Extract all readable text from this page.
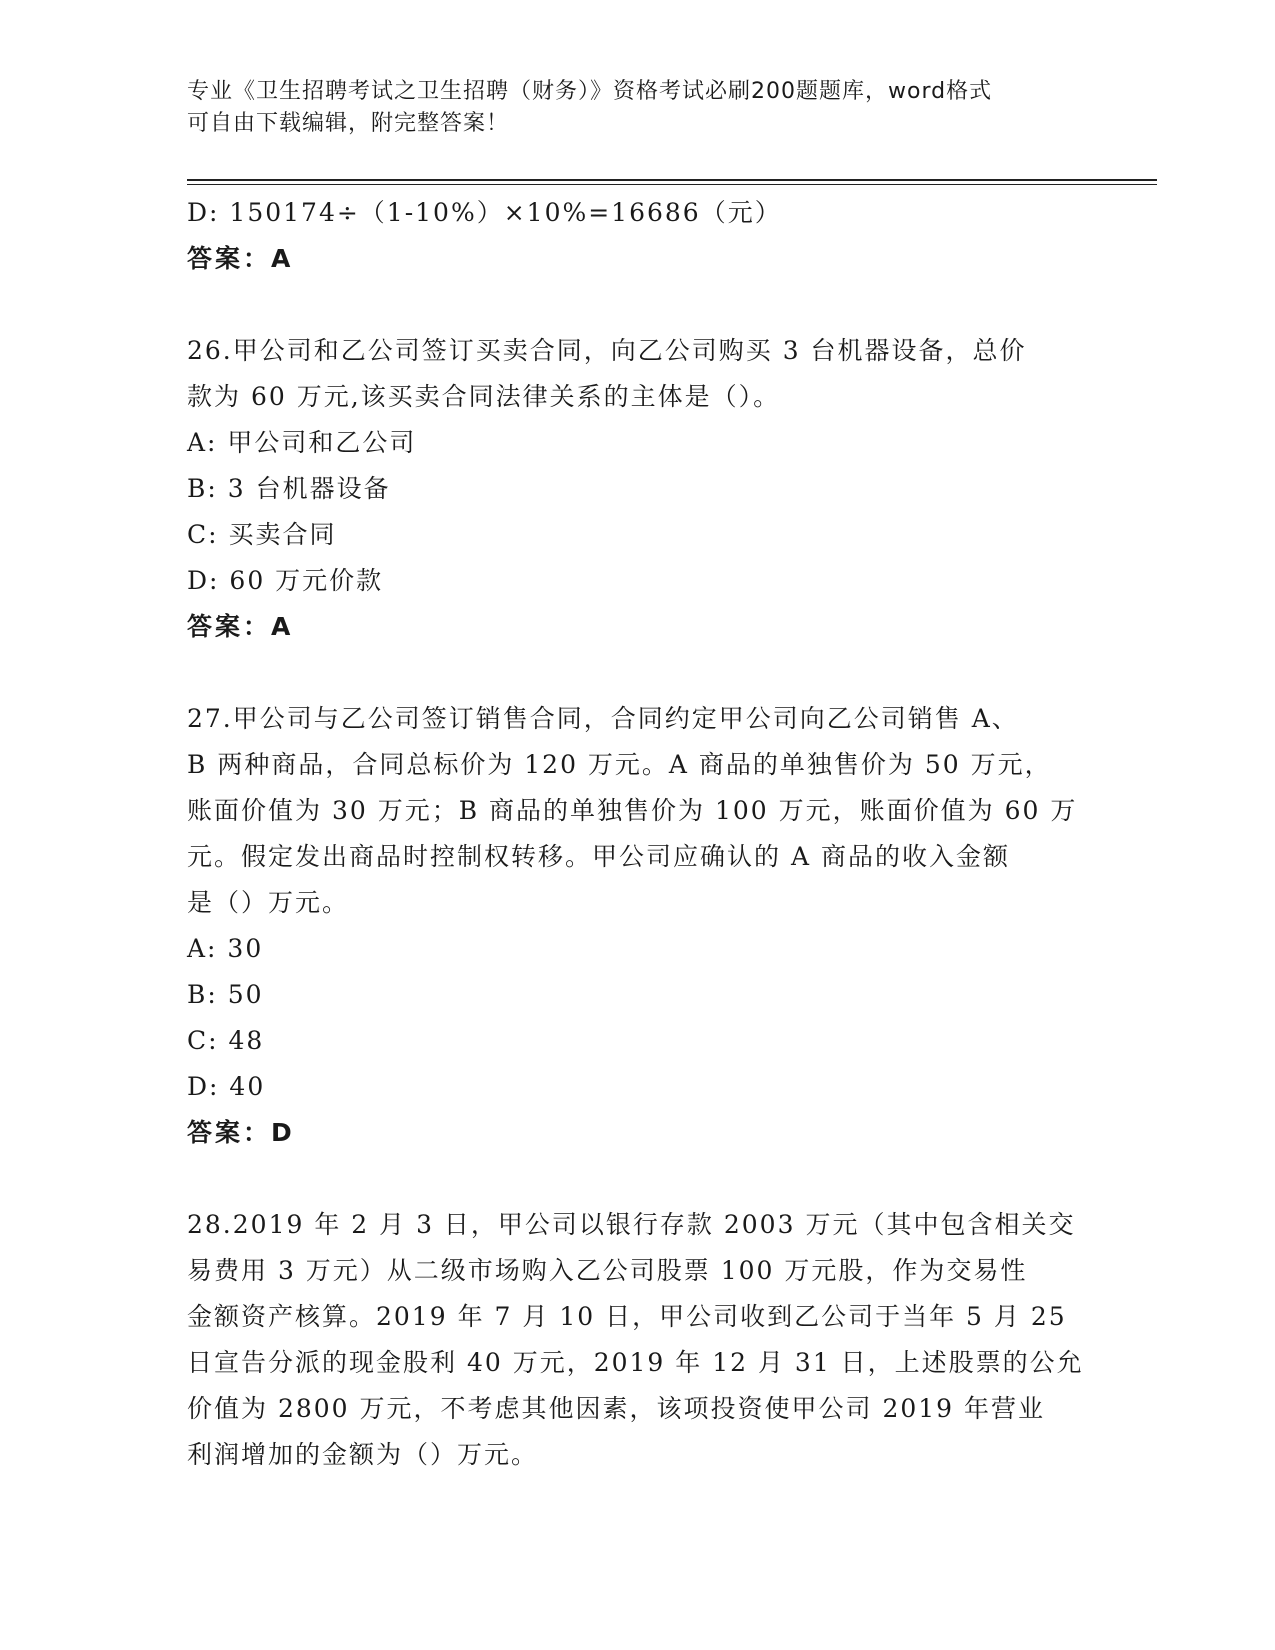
专业《卫生招聘考试之卫生招聘（财务）》资格考试必刷200题题库，word格式
可自由下载编辑，附完整答案！
D: 150174÷（1-10%）×10%=16686（元）
答案：A
26.甲公司和乙公司签订买卖合同，向乙公司购买 3 台机器设备，总价
款为 60 万元,该买卖合同法律关系的主体是（）。
A: 甲公司和乙公司
B: 3 台机器设备
C: 买卖合同
D: 60 万元价款
答案：A
27.甲公司与乙公司签订销售合同，合同约定甲公司向乙公司销售 A、
B 两种商品，合同总标价为 120 万元。A 商品的单独售价为 50 万元，
账面价值为 30 万元；B 商品的单独售价为 100 万元，账面价值为 60 万
元。假定发出商品时控制权转移。甲公司应确认的 A 商品的收入金额
是（）万元。
A: 30
B: 50
C: 48
D: 40
答案：D
28.2019 年 2 月 3 日，甲公司以银行存款 2003 万元（其中包含相关交
易费用 3 万元）从二级市场购入乙公司股票 100 万元股，作为交易性
金额资产核算。2019 年 7 月 10 日，甲公司收到乙公司于当年 5 月 25
日宣告分派的现金股利 40 万元，2019 年 12 月 31 日，上述股票的公允
价值为 2800 万元，不考虑其他因素，该项投资使甲公司 2019 年营业
利润增加的金额为（）万元。
